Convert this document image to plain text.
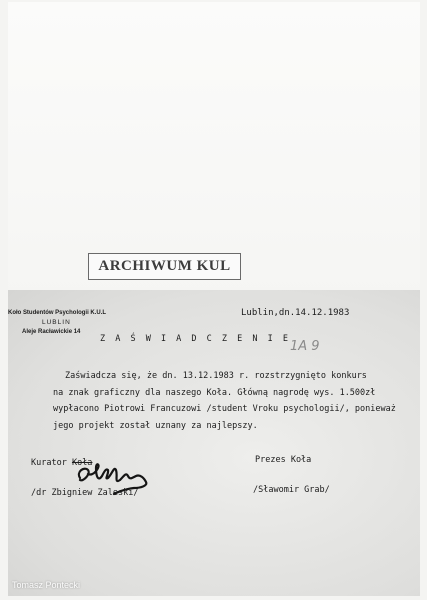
ARCHIWUM KUL
Koło Studentów Psychologii K.U.L
LUBLIN
Aleje Racławickie 14
Lublin,dn.14.12.1983
Z A Ś W I A D C Z E N I E 1A 9
Zaświadcza się, że dn. 13.12.1983 r. rozstrzygnięto konkurs
na znak graficzny dla naszego Koła. Główną nagrodę wys. 1.500zł
wypłacono Piotrowi Francuzowi /student Vroku psychologii/, ponieważ
jego projekt został uznany za najlepszy.
Kurator Koła	Prezes Koła
/dr Zbigniew Zaleski/	/Sławomir Grab/
Tomasz Pontecki
